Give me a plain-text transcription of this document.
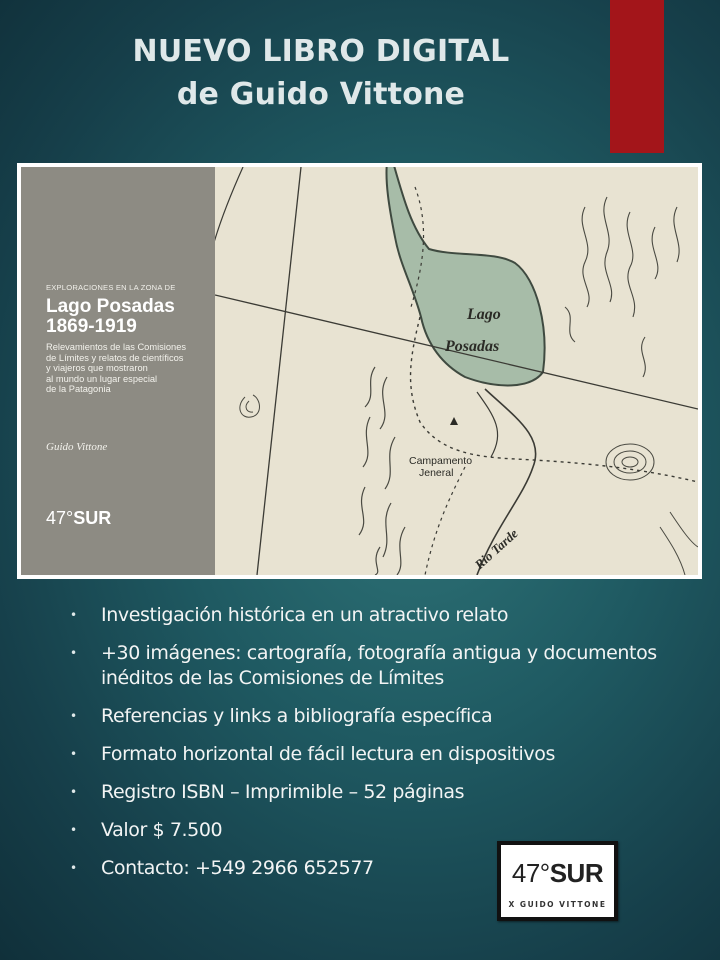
NUEVO LIBRO DIGITAL
de Guido Vittone
EXPLORACIONES EN LA ZONA DE
Lago Posadas
1869-1919
Relevamientos de las Comisiones
de Límites y relatos de científicos
y viajeros que mostraron
al mundo un lugar especial
de la Patagonia
Guido Vittone
47°SUR
Lago
Posadas
Campamento
Jeneral
Rio Tarde
• Investigación histórica en un atractivo relato
• +30 imágenes: cartografía, fotografía antigua y documentos inéditos de las Comisiones de Límites
• Referencias y links a bibliografía específica
• Formato horizontal de fácil lectura en dispositivos
• Registro ISBN – Imprimible – 52 páginas
• Valor $ 7.500
• Contacto: +549 2966 652577	47°SUR
X GUIDO VITTONE
